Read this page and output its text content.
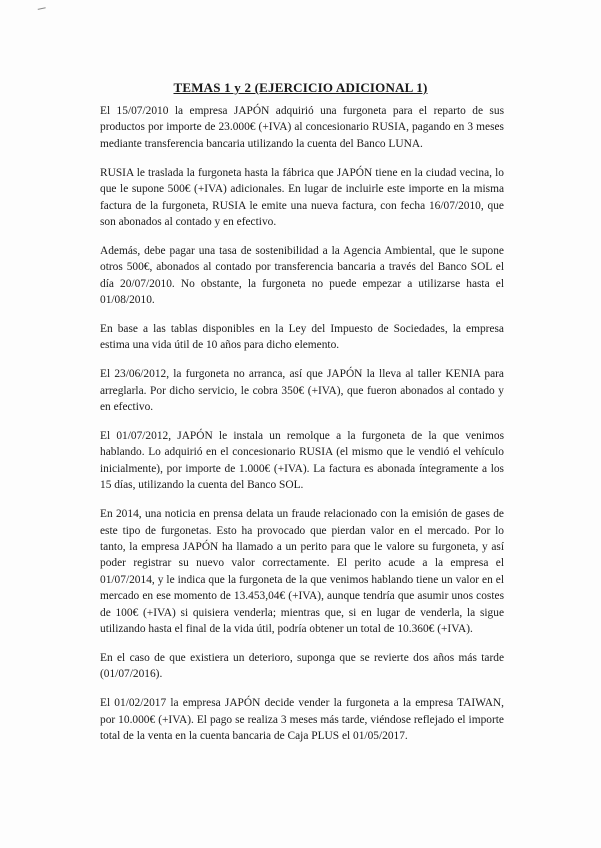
TEMAS 1 y 2 (EJERCICIO ADICIONAL 1)

El 15/07/2010 la empresa JAPÓN adquirió una furgoneta para el reparto de sus productos por importe de 23.000€ (+IVA) al concesionario RUSIA, pagando en 3 meses mediante transferencia bancaria utilizando la cuenta del Banco LUNA.

RUSIA le traslada la furgoneta hasta la fábrica que JAPÓN tiene en la ciudad vecina, lo que le supone 500€ (+IVA) adicionales. En lugar de incluirle este importe en la misma factura de la furgoneta, RUSIA le emite una nueva factura, con fecha 16/07/2010, que son abonados al contado y en efectivo.

Además, debe pagar una tasa de sostenibilidad a la Agencia Ambiental, que le supone otros 500€, abonados al contado por transferencia bancaria a través del Banco SOL el día 20/07/2010. No obstante, la furgoneta no puede empezar a utilizarse hasta el 01/08/2010.

En base a las tablas disponibles en la Ley del Impuesto de Sociedades, la empresa estima una vida útil de 10 años para dicho elemento.

El 23/06/2012, la furgoneta no arranca, así que JAPÓN la lleva al taller KENIA para arreglarla. Por dicho servicio, le cobra 350€ (+IVA), que fueron abonados al contado y en efectivo.

El 01/07/2012, JAPÓN le instala un remolque a la furgoneta de la que venimos hablando. Lo adquirió en el concesionario RUSIA (el mismo que le vendió el vehículo inicialmente), por importe de 1.000€ (+IVA). La factura es abonada íntegramente a los 15 días, utilizando la cuenta del Banco SOL.

En 2014, una noticia en prensa delata un fraude relacionado con la emisión de gases de este tipo de furgonetas. Esto ha provocado que pierdan valor en el mercado. Por lo tanto, la empresa JAPÓN ha llamado a un perito para que le valore su furgoneta, y así poder registrar su nuevo valor correctamente. El perito acude a la empresa el 01/07/2014, y le indica que la furgoneta de la que venimos hablando tiene un valor en el mercado en ese momento de 13.453,04€ (+IVA), aunque tendría que asumir unos costes de 100€ (+IVA) si quisiera venderla; mientras que, si en lugar de venderla, la sigue utilizando hasta el final de la vida útil, podría obtener un total de 10.360€ (+IVA).

En el caso de que existiera un deterioro, suponga que se revierte dos años más tarde (01/07/2016).

El 01/02/2017 la empresa JAPÓN decide vender la furgoneta a la empresa TAIWAN, por 10.000€ (+IVA). El pago se realiza 3 meses más tarde, viéndose reflejado el importe total de la venta en la cuenta bancaria de Caja PLUS el 01/05/2017.
